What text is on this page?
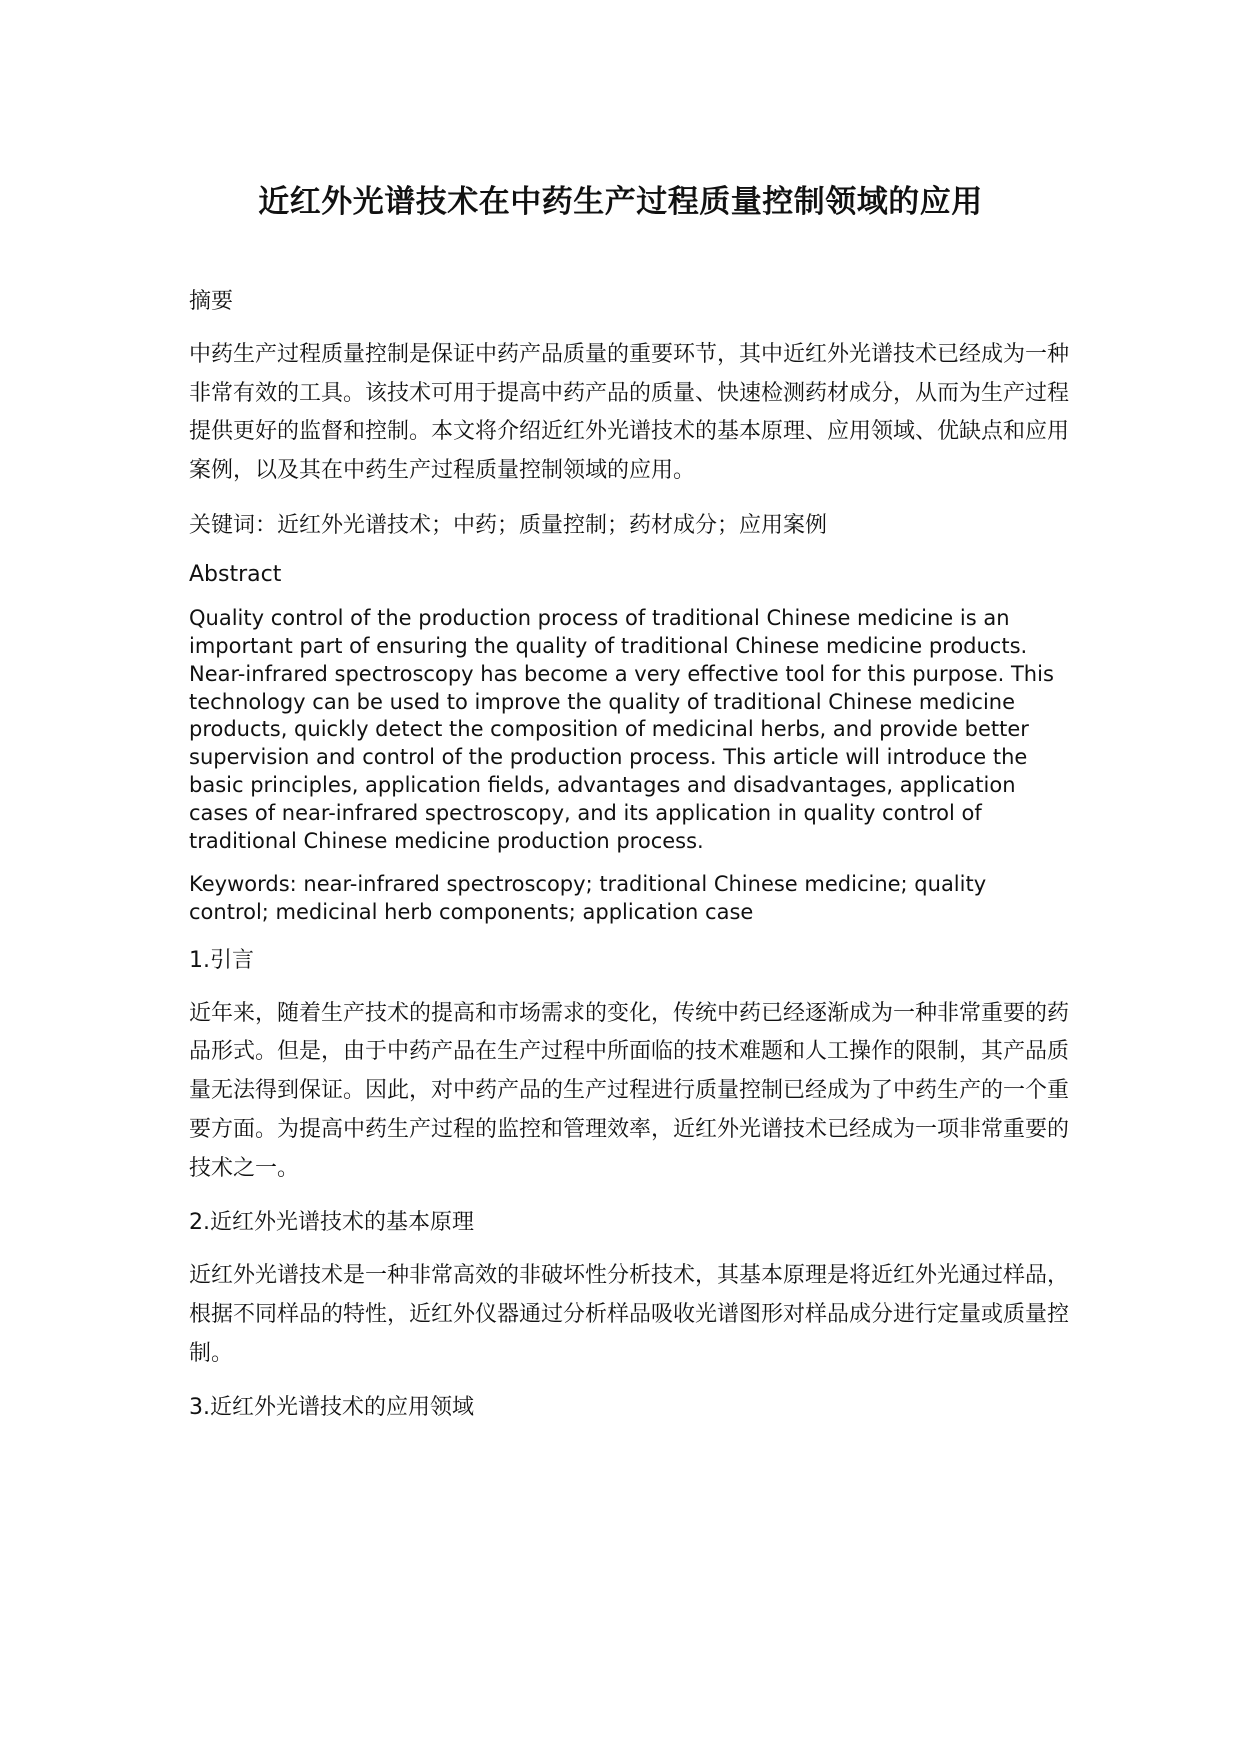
近红外光谱技术在中药生产过程质量控制领域的应用

摘要

中药生产过程质量控制是保证中药产品质量的重要环节，其中近红外光谱技术已经成为一种非常有效的工具。该技术可用于提高中药产品的质量、快速检测药材成分，从而为生产过程提供更好的监督和控制。本文将介绍近红外光谱技术的基本原理、应用领域、优缺点和应用案例，以及其在中药生产过程质量控制领域的应用。

关键词：近红外光谱技术；中药；质量控制；药材成分；应用案例

Abstract

Quality control of the production process of traditional Chinese medicine is an important part of ensuring the quality of traditional Chinese medicine products. Near-infrared spectroscopy has become a very effective tool for this purpose. This technology can be used to improve the quality of traditional Chinese medicine products, quickly detect the composition of medicinal herbs, and provide better supervision and control of the production process. This article will introduce the basic principles, application fields, advantages and disadvantages, application cases of near-infrared spectroscopy, and its application in quality control of traditional Chinese medicine production process.

Keywords: near-infrared spectroscopy; traditional Chinese medicine; quality control; medicinal herb components; application case

1.引言

近年来，随着生产技术的提高和市场需求的变化，传统中药已经逐渐成为一种非常重要的药品形式。但是，由于中药产品在生产过程中所面临的技术难题和人工操作的限制，其产品质量无法得到保证。因此，对中药产品的生产过程进行质量控制已经成为了中药生产的一个重要方面。为提高中药生产过程的监控和管理效率，近红外光谱技术已经成为一项非常重要的技术之一。

2.近红外光谱技术的基本原理

近红外光谱技术是一种非常高效的非破坏性分析技术，其基本原理是将近红外光通过样品，根据不同样品的特性，近红外仪器通过分析样品吸收光谱图形对样品成分进行定量或质量控制。

3.近红外光谱技术的应用领域
